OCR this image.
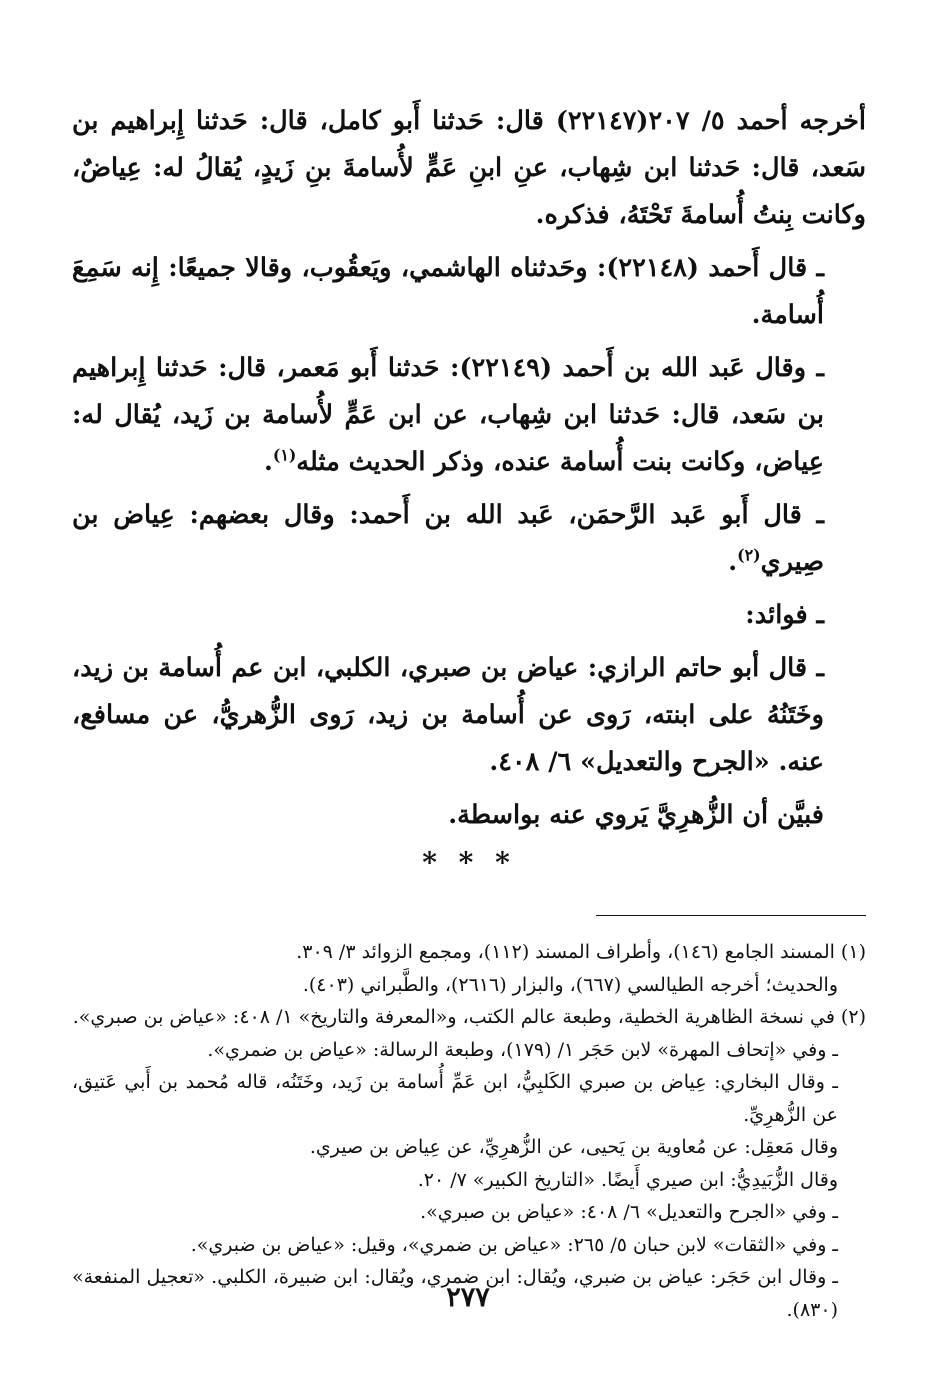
أخرجه أحمد ٥/ ٢٠٧(٢٢١٤٧) قال: حَدثنا أَبو كامل، قال: حَدثنا إِبراهيم بن سَعد، قال: حَدثنا ابن شِهاب، عنِ ابنِ عَمٍّ لأُسامةَ بنِ زَيدٍ، يُقالُ له: عِياضٌ، وكانت بِنتُ أُسامةَ تَحْتَهُ، فذكره.

ـ قال أَحمد (٢٢١٤٨): وحَدثناه الهاشمي، ويَعقُوب، وقالا جميعًا: إِنه سَمِعَ أُسامة.

ـ وقال عَبد الله بن أَحمد (٢٢١٤٩): حَدثنا أَبو مَعمر، قال: حَدثنا إِبراهيم بن سَعد، قال: حَدثنا ابن شِهاب، عن ابن عَمٍّ لأُسامة بن زَيد، يُقال له: عِياض، وكانت بنت أُسامة عنده، وذكر الحديث مثله$^{(١)}$.

ـ قال أَبو عَبد الرَّحمَن، عَبد الله بن أَحمد: وقال بعضهم: عِياض بن صِيري$^{(٢)}$.

ـ فوائد:

ـ قال أبو حاتم الرازي: عياض بن صبري، الكلبي، ابن عم أُسامة بن زيد، وخَتَنُهُ على ابنته، رَوى عن أُسامة بن زيد، رَوى الزُّهريُّ، عن مسافع، عنه. «الجرح والتعديل» ٦/ ٤٠٨.

فبيَّن أن الزُّهرِيَّ يَروي عنه بواسطة.

* * *

(١) المسند الجامع (١٤٦)، وأطراف المسند (١١٢)، ومجمع الزوائد ٣/ ٣٠٩.

والحديث؛ أخرجه الطيالسي (٦٦٧)، والبزار (٢٦١٦)، والطَّبراني (٤٠٣).

(٢) في نسخة الظاهرية الخطية، وطبعة عالم الكتب، و«المعرفة والتاريخ» ١/ ٤٠٨: «عياض بن صبري».

ـ وفي «إتحاف المهرة» لابن حَجَر ١/ (١٧٩)، وطبعة الرسالة: «عياض بن ضمري».

ـ وقال البخاري: عِياض بن صبري الكَلبِيُّ، ابن عَمِّ أُسامة بن زَيد، وخَتَنُه، قاله مُحمد بن أَبي عَتيق، عن الزُّهرِيِّ.

وقال مَعقِل: عن مُعاوية بن يَحيى، عن الزُّهرِيِّ، عن عِياض بن صيري.

وقال الزُّبَيدِيُّ: ابن صيري أَيضًا. «التاريخ الكبير» ٧/ ٢٠.

ـ وفي «الجرح والتعديل» ٦/ ٤٠٨: «عياض بن صبري».

ـ وفي «الثقات» لابن حبان ٥/ ٢٦٥: «عياض بن ضمري»، وقيل: «عياض بن ضبري».

ـ وقال ابن حَجَر: عياض بن ضبري، ويُقال: ابن ضمري، ويُقال: ابن ضبيرة، الكلبي. «تعجيل المنفعة» (٨٣٠).

٢٧٧
